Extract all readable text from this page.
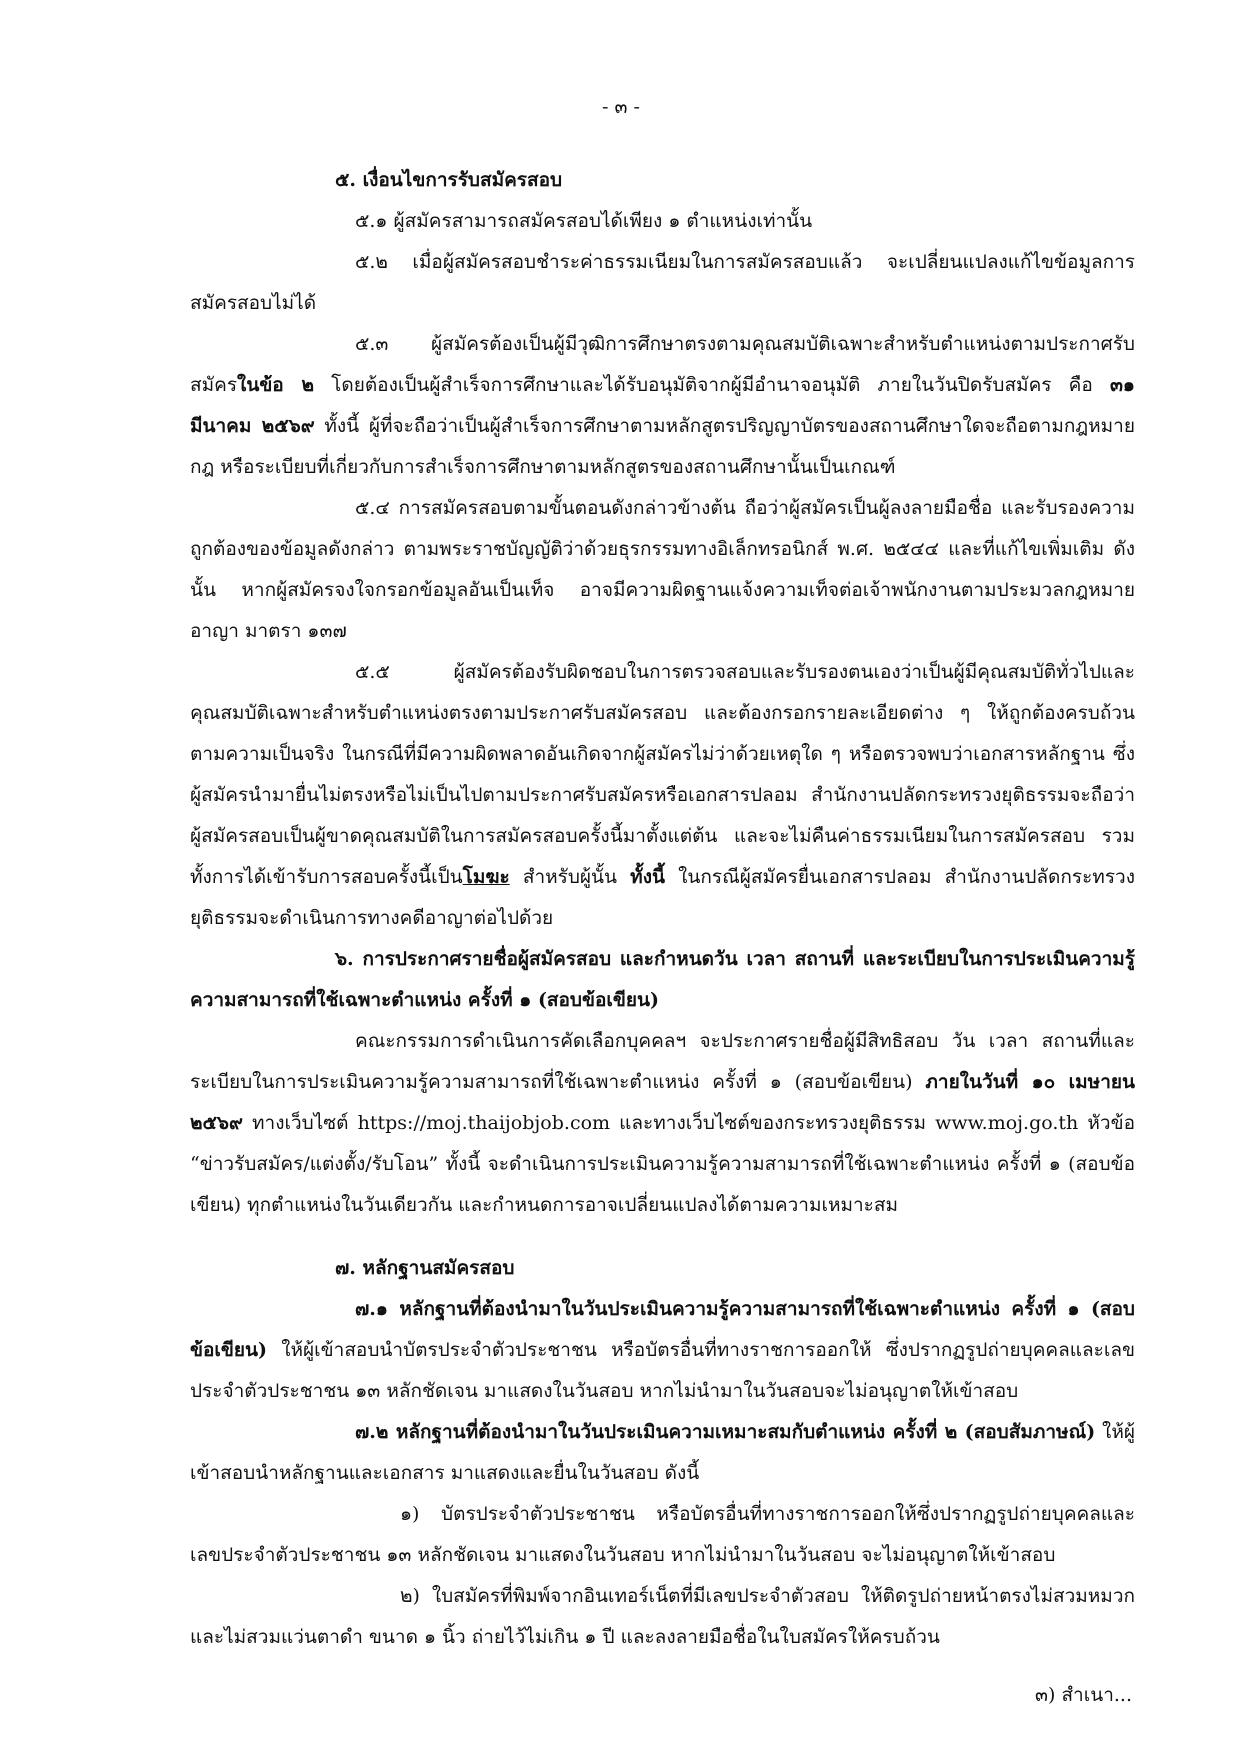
- ๓ -

๕. เงื่อนไขการรับสมัครสอบ

๕.๑ ผู้สมัครสามารถสมัครสอบได้เพียง ๑ ตำแหน่งเท่านั้น

๕.๒ เมื่อผู้สมัครสอบชำระค่าธรรมเนียมในการสมัครสอบแล้ว จะเปลี่ยนแปลงแก้ไขข้อมูลการสมัครสอบไม่ได้

๕.๓ ผู้สมัครต้องเป็นผู้มีวุฒิการศึกษาตรงตามคุณสมบัติเฉพาะสำหรับตำแหน่งตามประกาศรับสมัครในข้อ ๒ โดยต้องเป็นผู้สำเร็จการศึกษาและได้รับอนุมัติจากผู้มีอำนาจอนุมัติ ภายในวันปิดรับสมัคร คือ ๓๑ มีนาคม ๒๕๖๙ ทั้งนี้ ผู้ที่จะถือว่าเป็นผู้สำเร็จการศึกษาตามหลักสูตรปริญญาบัตรของสถานศึกษาใดจะถือตามกฎหมาย กฎ หรือระเบียบที่เกี่ยวกับการสำเร็จการศึกษาตามหลักสูตรของสถานศึกษานั้นเป็นเกณฑ์

๕.๔ การสมัครสอบตามขั้นตอนดังกล่าวข้างต้น ถือว่าผู้สมัครเป็นผู้ลงลายมือชื่อ และรับรองความถูกต้องของข้อมูลดังกล่าว ตามพระราชบัญญัติว่าด้วยธุรกรรมทางอิเล็กทรอนิกส์ พ.ศ. ๒๕๔๔ และที่แก้ไขเพิ่มเติม ดังนั้น หากผู้สมัครจงใจกรอกข้อมูลอันเป็นเท็จ อาจมีความผิดฐานแจ้งความเท็จต่อเจ้าพนักงานตามประมวลกฎหมายอาญา มาตรา ๑๓๗

๕.๕ ผู้สมัครต้องรับผิดชอบในการตรวจสอบและรับรองตนเองว่าเป็นผู้มีคุณสมบัติทั่วไปและคุณสมบัติเฉพาะสำหรับตำแหน่งตรงตามประกาศรับสมัครสอบ และต้องกรอกรายละเอียดต่าง ๆ ให้ถูกต้องครบถ้วนตามความเป็นจริง ในกรณีที่มีความผิดพลาดอันเกิดจากผู้สมัครไม่ว่าด้วยเหตุใด ๆ หรือตรวจพบว่าเอกสารหลักฐาน ซึ่งผู้สมัครนำมายื่นไม่ตรงหรือไม่เป็นไปตามประกาศรับสมัครหรือเอกสารปลอม สำนักงานปลัดกระทรวงยุติธรรมจะถือว่าผู้สมัครสอบเป็นผู้ขาดคุณสมบัติในการสมัครสอบครั้งนี้มาตั้งแต่ต้น และจะไม่คืนค่าธรรมเนียมในการสมัครสอบ รวมทั้งการได้เข้ารับการสอบครั้งนี้เป็นโมฆะ สำหรับผู้นั้น ทั้งนี้ ในกรณีผู้สมัครยื่นเอกสารปลอม สำนักงานปลัดกระทรวงยุติธรรมจะดำเนินการทางคดีอาญาต่อไปด้วย

๖. การประกาศรายชื่อผู้สมัครสอบ และกำหนดวัน เวลา สถานที่ และระเบียบในการประเมินความรู้ความสามารถที่ใช้เฉพาะตำแหน่ง ครั้งที่ ๑ (สอบข้อเขียน)

คณะกรรมการดำเนินการคัดเลือกบุคคลฯ จะประกาศรายชื่อผู้มีสิทธิสอบ วัน เวลา สถานที่และระเบียบในการประเมินความรู้ความสามารถที่ใช้เฉพาะตำแหน่ง ครั้งที่ ๑ (สอบข้อเขียน) ภายในวันที่ ๑๐ เมษายน ๒๕๖๙ ทางเว็บไซต์ https://moj.thaijobjob.com และทางเว็บไซต์ของกระทรวงยุติธรรม www.moj.go.th หัวข้อ “ข่าวรับสมัคร/แต่งตั้ง/รับโอน” ทั้งนี้ จะดำเนินการประเมินความรู้ความสามารถที่ใช้เฉพาะตำแหน่ง ครั้งที่ ๑ (สอบข้อเขียน) ทุกตำแหน่งในวันเดียวกัน และกำหนดการอาจเปลี่ยนแปลงได้ตามความเหมาะสม

๗. หลักฐานสมัครสอบ

๗.๑ หลักฐานที่ต้องนำมาในวันประเมินความรู้ความสามารถที่ใช้เฉพาะตำแหน่ง ครั้งที่ ๑ (สอบข้อเขียน) ให้ผู้เข้าสอบนำบัตรประจำตัวประชาชน หรือบัตรอื่นที่ทางราชการออกให้ ซึ่งปรากฏรูปถ่ายบุคคลและเลขประจำตัวประชาชน ๑๓ หลักชัดเจน มาแสดงในวันสอบ หากไม่นำมาในวันสอบจะไม่อนุญาตให้เข้าสอบ

๗.๒ หลักฐานที่ต้องนำมาในวันประเมินความเหมาะสมกับตำแหน่ง ครั้งที่ ๒ (สอบสัมภาษณ์) ให้ผู้เข้าสอบนำหลักฐานและเอกสาร มาแสดงและยื่นในวันสอบ ดังนี้

๑) บัตรประจำตัวประชาชน หรือบัตรอื่นที่ทางราชการออกให้ซึ่งปรากฏรูปถ่ายบุคคลและเลขประจำตัวประชาชน ๑๓ หลักชัดเจน มาแสดงในวันสอบ หากไม่นำมาในวันสอบ จะไม่อนุญาตให้เข้าสอบ

๒) ใบสมัครที่พิมพ์จากอินเทอร์เน็ตที่มีเลขประจำตัวสอบ ให้ติดรูปถ่ายหน้าตรงไม่สวมหมวกและไม่สวมแว่นตาดำ ขนาด ๑ นิ้ว ถ่ายไว้ไม่เกิน ๑ ปี และลงลายมือชื่อในใบสมัครให้ครบถ้วน

๓) สำเนา...
